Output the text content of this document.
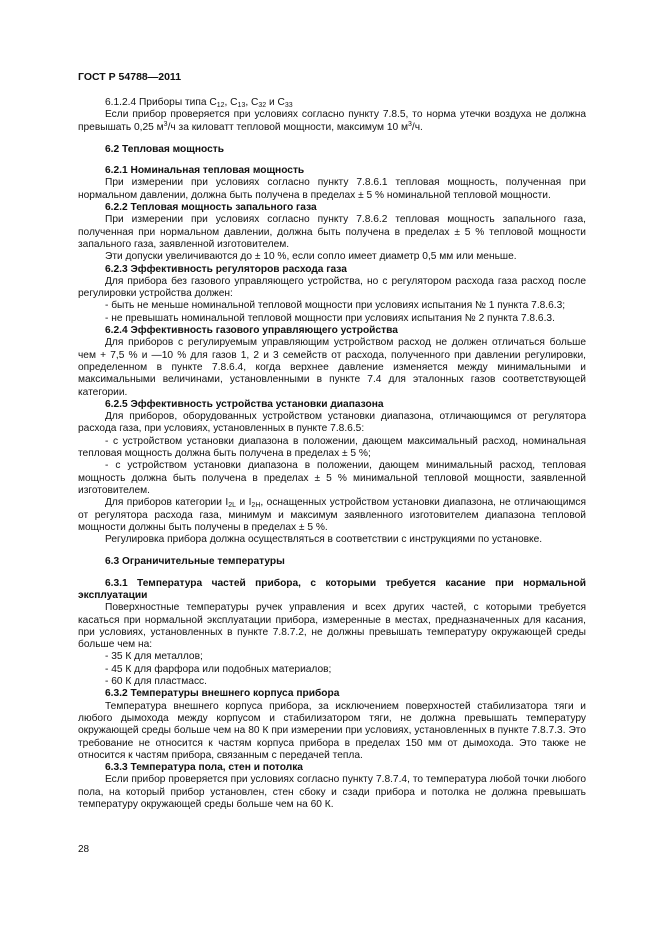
ГОСТ Р 54788—2011

6.1.2.4 Приборы типа $С_{12}$, $С_{13}$, $С_{32}$ и $С_{33}$

Если прибор проверяется при условиях согласно пункту 7.8.5, то норма утечки воздуха не должна превышать 0,25 $м^3/ч$ за киловатт тепловой мощности, максимум 10 $м^3/ч$.

6.2 Тепловая мощность

6.2.1 Номинальная тепловая мощность

При измерении при условиях согласно пункту 7.8.6.1 тепловая мощность, полученная при нормальном давлении, должна быть получена в пределах ± 5 % номинальной тепловой мощности.

6.2.2 Тепловая мощность запального газа

При измерении при условиях согласно пункту 7.8.6.2 тепловая мощность запального газа, полученная при нормальном давлении, должна быть получена в пределах ± 5 % тепловой мощности запального газа, заявленной изготовителем.

Эти допуски увеличиваются до ± 10 %, если сопло имеет диаметр 0,5 мм или меньше.

6.2.3 Эффективность регуляторов расхода газа

Для прибора без газового управляющего устройства, но с регулятором расхода газа расход после регулировки устройства должен:

- быть не меньше номинальной тепловой мощности при условиях испытания № 1 пункта 7.8.6.3;

- не превышать номинальной тепловой мощности при условиях испытания № 2 пункта 7.8.6.3.

6.2.4 Эффективность газового управляющего устройства

Для приборов с регулируемым управляющим устройством расход не должен отличаться больше чем + 7,5 % и —10 % для газов 1, 2 и 3 семейств от расхода, полученного при давлении регулировки, определенном в пункте 7.8.6.4, когда верхнее давление изменяется между минимальными и максимальными величинами, установленными в пункте 7.4 для эталонных газов соответствующей категории.

6.2.5 Эффективность устройства установки диапазона

Для приборов, оборудованных устройством установки диапазона, отличающимся от регулятора расхода газа, при условиях, установленных в пункте 7.8.6.5:

- с устройством установки диапазона в положении, дающем максимальный расход, номинальная тепловая мощность должна быть получена в пределах ± 5 %;

- с устройством установки диапазона в положении, дающем минимальный расход, тепловая мощность должна быть получена в пределах ± 5 % минимальной тепловой мощности, заявленной изготовителем.

Для приборов категории $I_{2L}$ и $I_{2H}$, оснащенных устройством установки диапазона, не отличающимся от регулятора расхода газа, минимум и максимум заявленного изготовителем диапазона тепловой мощности должны быть получены в пределах ± 5 %.

Регулировка прибора должна осуществляться в соответствии с инструкциями по установке.

6.3 Ограничительные температуры

6.3.1 Температура частей прибора, с которыми требуется касание при нормальной эксплуатации

Поверхностные температуры ручек управления и всех других частей, с которыми требуется касаться при нормальной эксплуатации прибора, измеренные в местах, предназначенных для касания, при условиях, установленных в пункте 7.8.7.2, не должны превышать температуру окружающей среды больше чем на:

- 35 К для металлов;

- 45 К для фарфора или подобных материалов;

- 60 К для пластмасс.

6.3.2 Температуры внешнего корпуса прибора

Температура внешнего корпуса прибора, за исключением поверхностей стабилизатора тяги и любого дымохода между корпусом и стабилизатором тяги, не должна превышать температуру окружающей среды больше чем на 80 К при измерении при условиях, установленных в пункте 7.8.7.3. Это требование не относится к частям корпуса прибора в пределах 150 мм от дымохода. Это также не относится к частям прибора, связанным с передачей тепла.

6.3.3 Температура пола, стен и потолка

Если прибор проверяется при условиях согласно пункту 7.8.7.4, то температура любой точки любого пола, на который прибор установлен, стен сбоку и сзади прибора и потолка не должна превышать температуру окружающей среды больше чем на 60 К.

28
